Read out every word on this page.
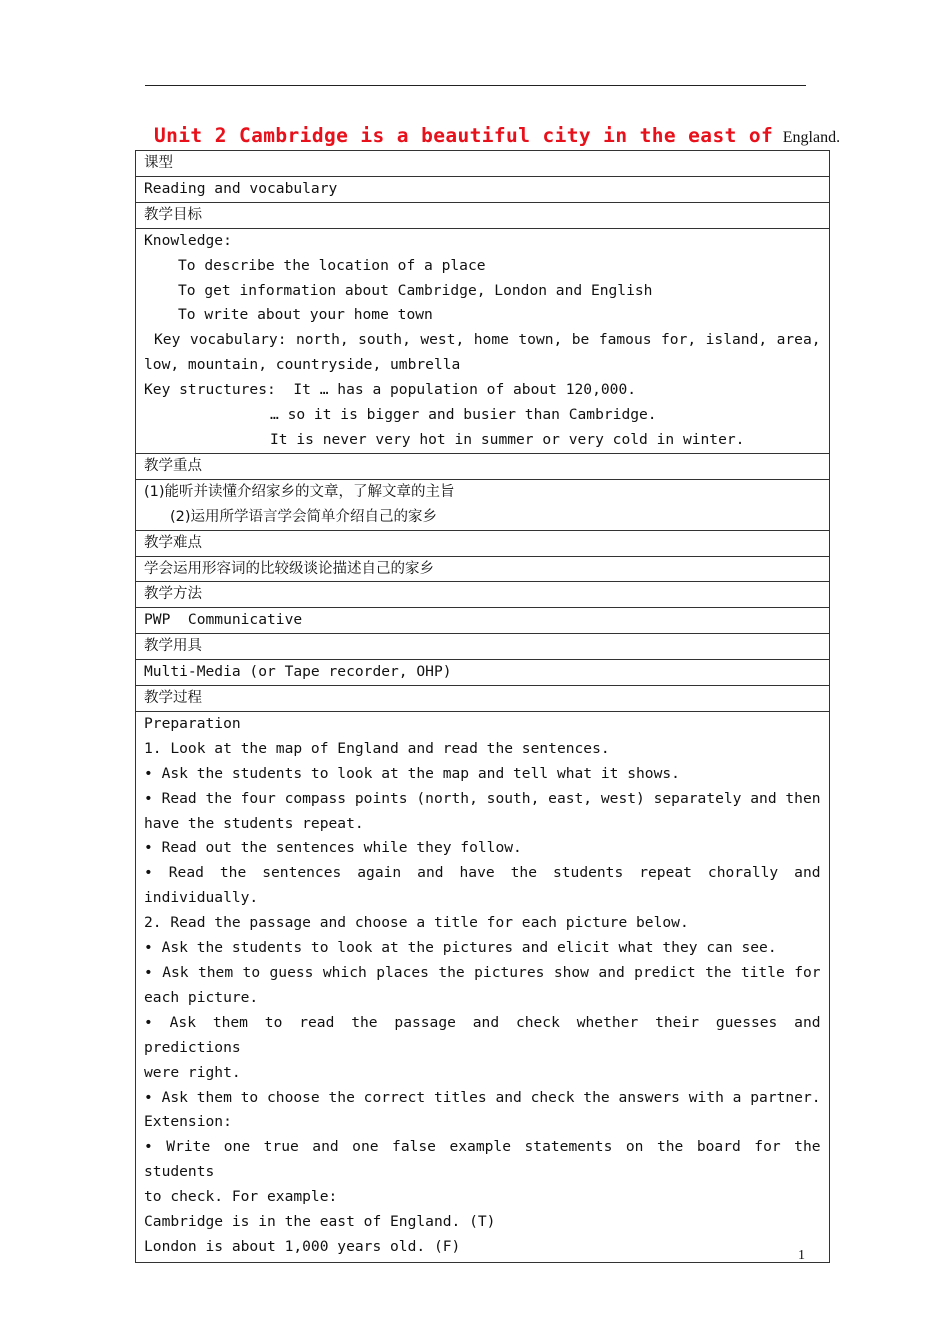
Unit 2 Cambridge is a beautiful city in the east of England.
课型
Reading and vocabulary
教学目标

Knowledge:
To describe the location of a place
To get information about Cambridge, London and English
To write about your home town
Key vocabulary: north, south, west, home town, be famous for, island, area,
low, mountain, countryside, umbrella
Key structures:  It … has a population of about 120,000.
… so it is bigger and busier than Cambridge.
It is never very hot in summer or very cold in winter.

教学重点

(1)能听并读懂介绍家乡的文章，了解文章的主旨
(2)运用所学语言学会简单介绍自己的家乡

教学难点
学会运用形容词的比较级谈论描述自己的家乡
教学方法

PWP  Communicative

教学用具
Multi-Media (or Tape recorder, OHP)
教学过程

Preparation
1. Look at the map of England and read the sentences.
• Ask the students to look at the map and tell what it shows.
• Read the four compass points (north, south, east, west) separately and then
have the students repeat.
• Read out the sentences while they follow.
• Read the sentences again and have the students repeat chorally and
individually.
2. Read the passage and choose a title for each picture below.
• Ask the students to look at the pictures and elicit what they can see.
• Ask them to guess which places the pictures show and predict the title for
each picture.
• Ask them to read the passage and check whether their guesses and predictions
were right.
• Ask them to choose the correct titles and check the answers with a partner.
Extension:
• Write one true and one false example statements on the board for the students
to check. For example:
Cambridge is in the east of England. (T)
London is about 1,000 years old. (F)
1
